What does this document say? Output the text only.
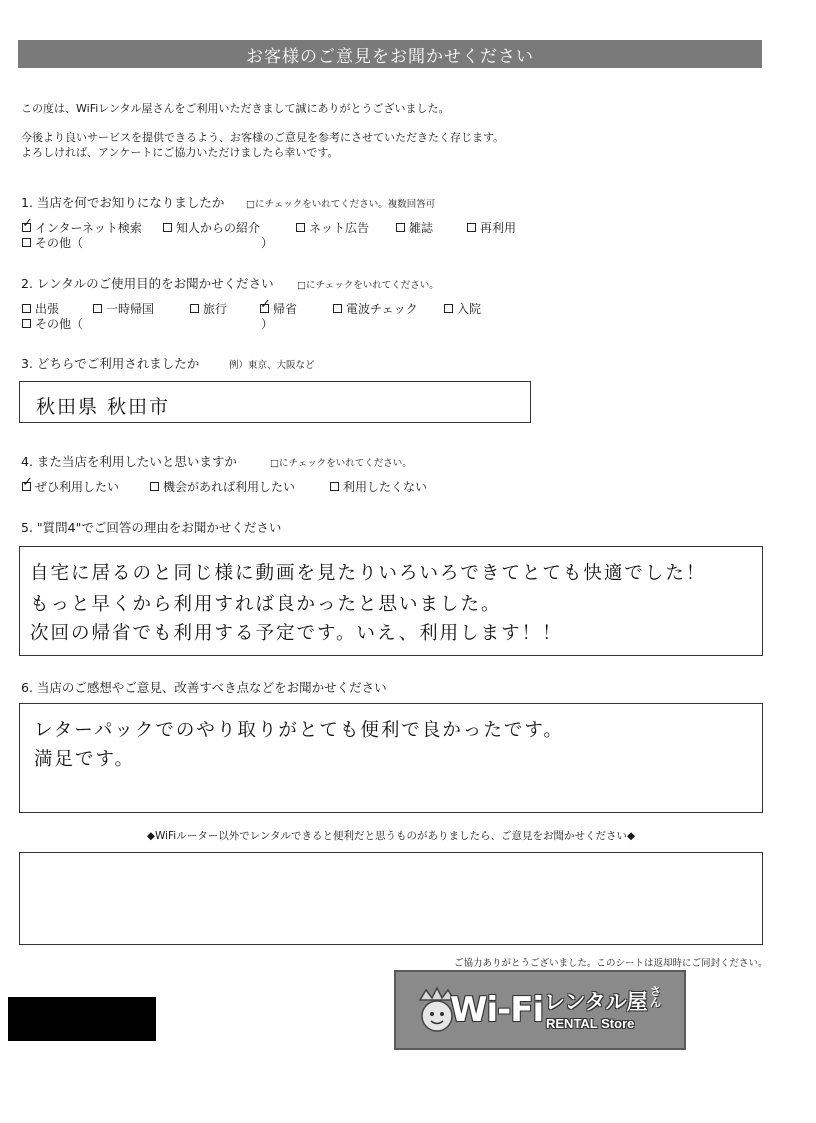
お客様のご意見をお聞かせください
この度は、WiFiレンタル屋さんをご利用いただきまして誠にありがとうございました。
今後より良いサービスを提供できるよう、お客様のご意見を参考にさせていただきたく存じます。
よろしければ、アンケートにご協力いただけましたら幸いです。
1. 当店を何でお知りになりましたか □にチェックをいれてください。複数回答可
✓ インターネット検索	知人からの紹介	ネット広告	雑誌	再利用
その他（	）
2. レンタルのご使用目的をお聞かせください □にチェックをいれてください。
出張	一時帰国	旅行	✓ 帰省	電波チェック	入院
その他（	）
3. どちらでご利用されましたか	例）東京、大阪など
秋田県 秋田市
4. また当店を利用したいと思いますか	□にチェックをいれてください。
✓ ぜひ利用したい	機会があれば利用したい	利用したくない
5. "質問4"でご回答の理由をお聞かせください
自宅に居るのと同じ様に動画を見たりいろいろできてとても快適でした！
もっと早くから利用すれば良かったと思いました。
次回の帰省でも利用する予定です。いえ、利用します！！
6. 当店のご感想やご意見、改善すべき点などをお聞かせください
レターパックでのやり取りがとても便利で良かったです。
満足です。
◆WiFiルーター以外でレンタルできると便利だと思うものがありましたら、ご意見をお聞かせください◆
ご協力ありがとうございました。このシートは返却時にご同封ください。
Wi-Fi レンタル屋 さん
RENTAL Store
